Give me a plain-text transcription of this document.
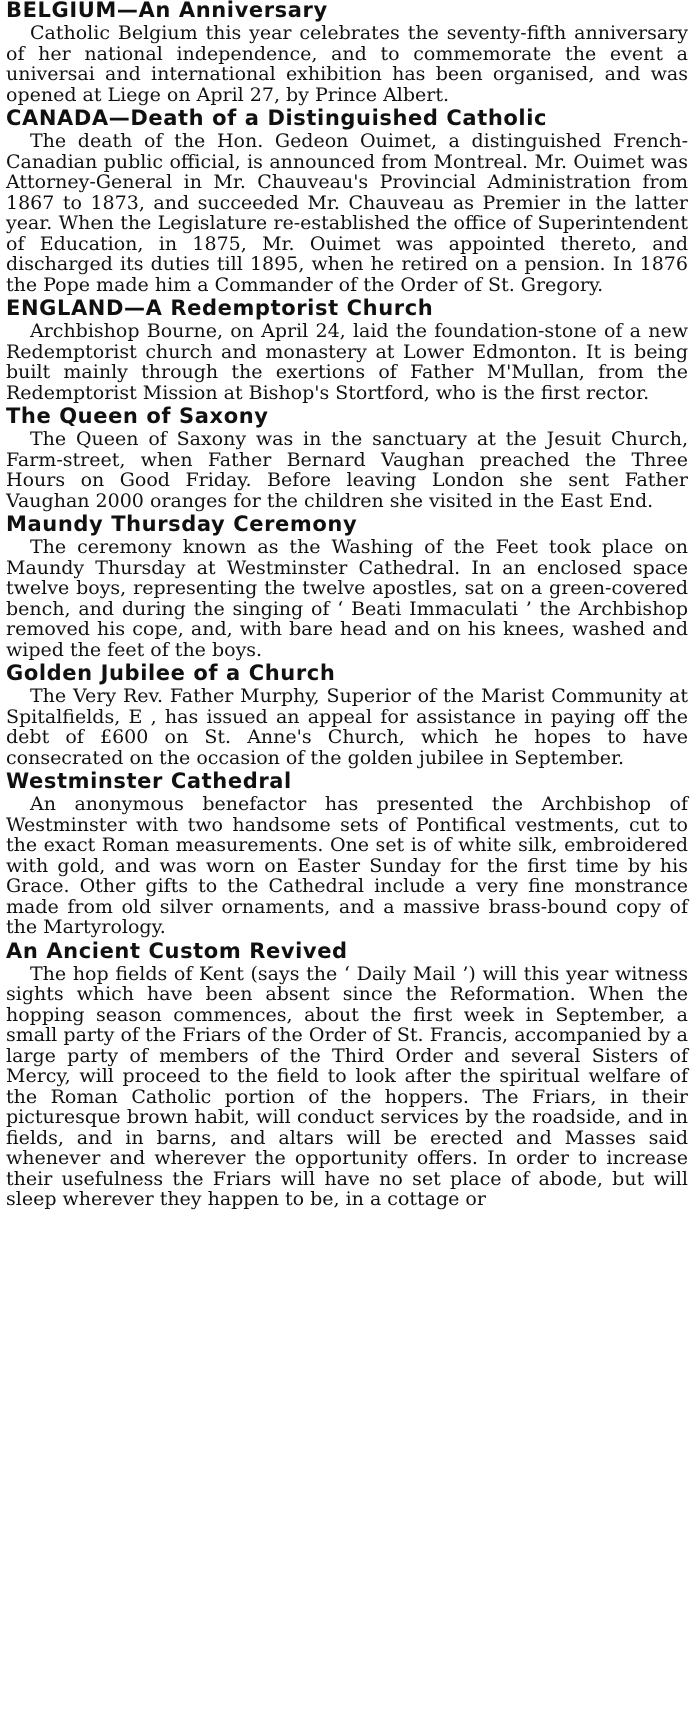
BELGIUM—An Anniversary

Catholic Belgium this year celebrates the seventy-fifth anniversary of her national independence, and to commemorate the event a universai and international exhibition has been organised, and was opened at Liege on April 27, by Prince Albert.

CANADA—Death of a Distinguished Catholic

The death of the Hon. Gedeon Ouimet, a distinguished French-Canadian public official, is announced from Montreal. Mr. Ouimet was Attorney-General in Mr. Chauveau's Provincial Administration from 1867 to 1873, and succeeded Mr. Chauveau as Premier in the latter year. When the Legislature re-established the office of Superintendent of Education, in 1875, Mr. Ouimet was appointed thereto, and discharged its duties till 1895, when he retired on a pension. In 1876 the Pope made him a Commander of the Order of St. Gregory.

ENGLAND—A Redemptorist Church

Archbishop Bourne, on April 24, laid the foundation-stone of a new Redemptorist church and monastery at Lower Edmonton. It is being built mainly through the exertions of Father M'Mullan, from the Redemptorist Mission at Bishop's Stortford, who is the first rector.

The Queen of Saxony

The Queen of Saxony was in the sanctuary at the Jesuit Church, Farm-street, when Father Bernard Vaughan preached the Three Hours on Good Friday. Before leaving London she sent Father Vaughan 2000 oranges for the children she visited in the East End.

Maundy Thursday Ceremony

The ceremony known as the Washing of the Feet took place on Maundy Thursday at Westminster Cathedral. In an enclosed space twelve boys, representing the twelve apostles, sat on a green-covered bench, and during the singing of ‘ Beati Immaculati ’ the Archbishop removed his cope, and, with bare head and on his knees, washed and wiped the feet of the boys.

Golden Jubilee of a Church

The Very Rev. Father Murphy, Superior of the Marist Community at Spitalfields, E , has issued an appeal for assistance in paying off the debt of £600 on St. Anne's Church, which he hopes to have consecrated on the occasion of the golden jubilee in September.

Westminster Cathedral

An anonymous benefactor has presented the Archbishop of Westminster with two handsome sets of Pontifical vestments, cut to the exact Roman measurements. One set is of white silk, embroidered with gold, and was worn on Easter Sunday for the first time by his Grace. Other gifts to the Cathedral include a very fine monstrance made from old silver ornaments, and a massive brass-bound copy of the Martyrology.

An Ancient Custom Revived

The hop fields of Kent (says the ‘ Daily Mail ’) will this year witness sights which have been absent since the Reformation. When the hopping season commences, about the first week in September, a small party of the Friars of the Order of St. Francis, accompanied by a large party of members of the Third Order and several Sisters of Mercy, will proceed to the field to look after the spiritual welfare of the Roman Catholic portion of the hoppers. The Friars, in their picturesque brown habit, will conduct services by the roadside, and in fields, and in barns, and altars will be erected and Masses said whenever and wherever the opportunity offers. In order to increase their usefulness the Friars will have no set place of abode, but will sleep wherever they happen to be, in a cottage or
